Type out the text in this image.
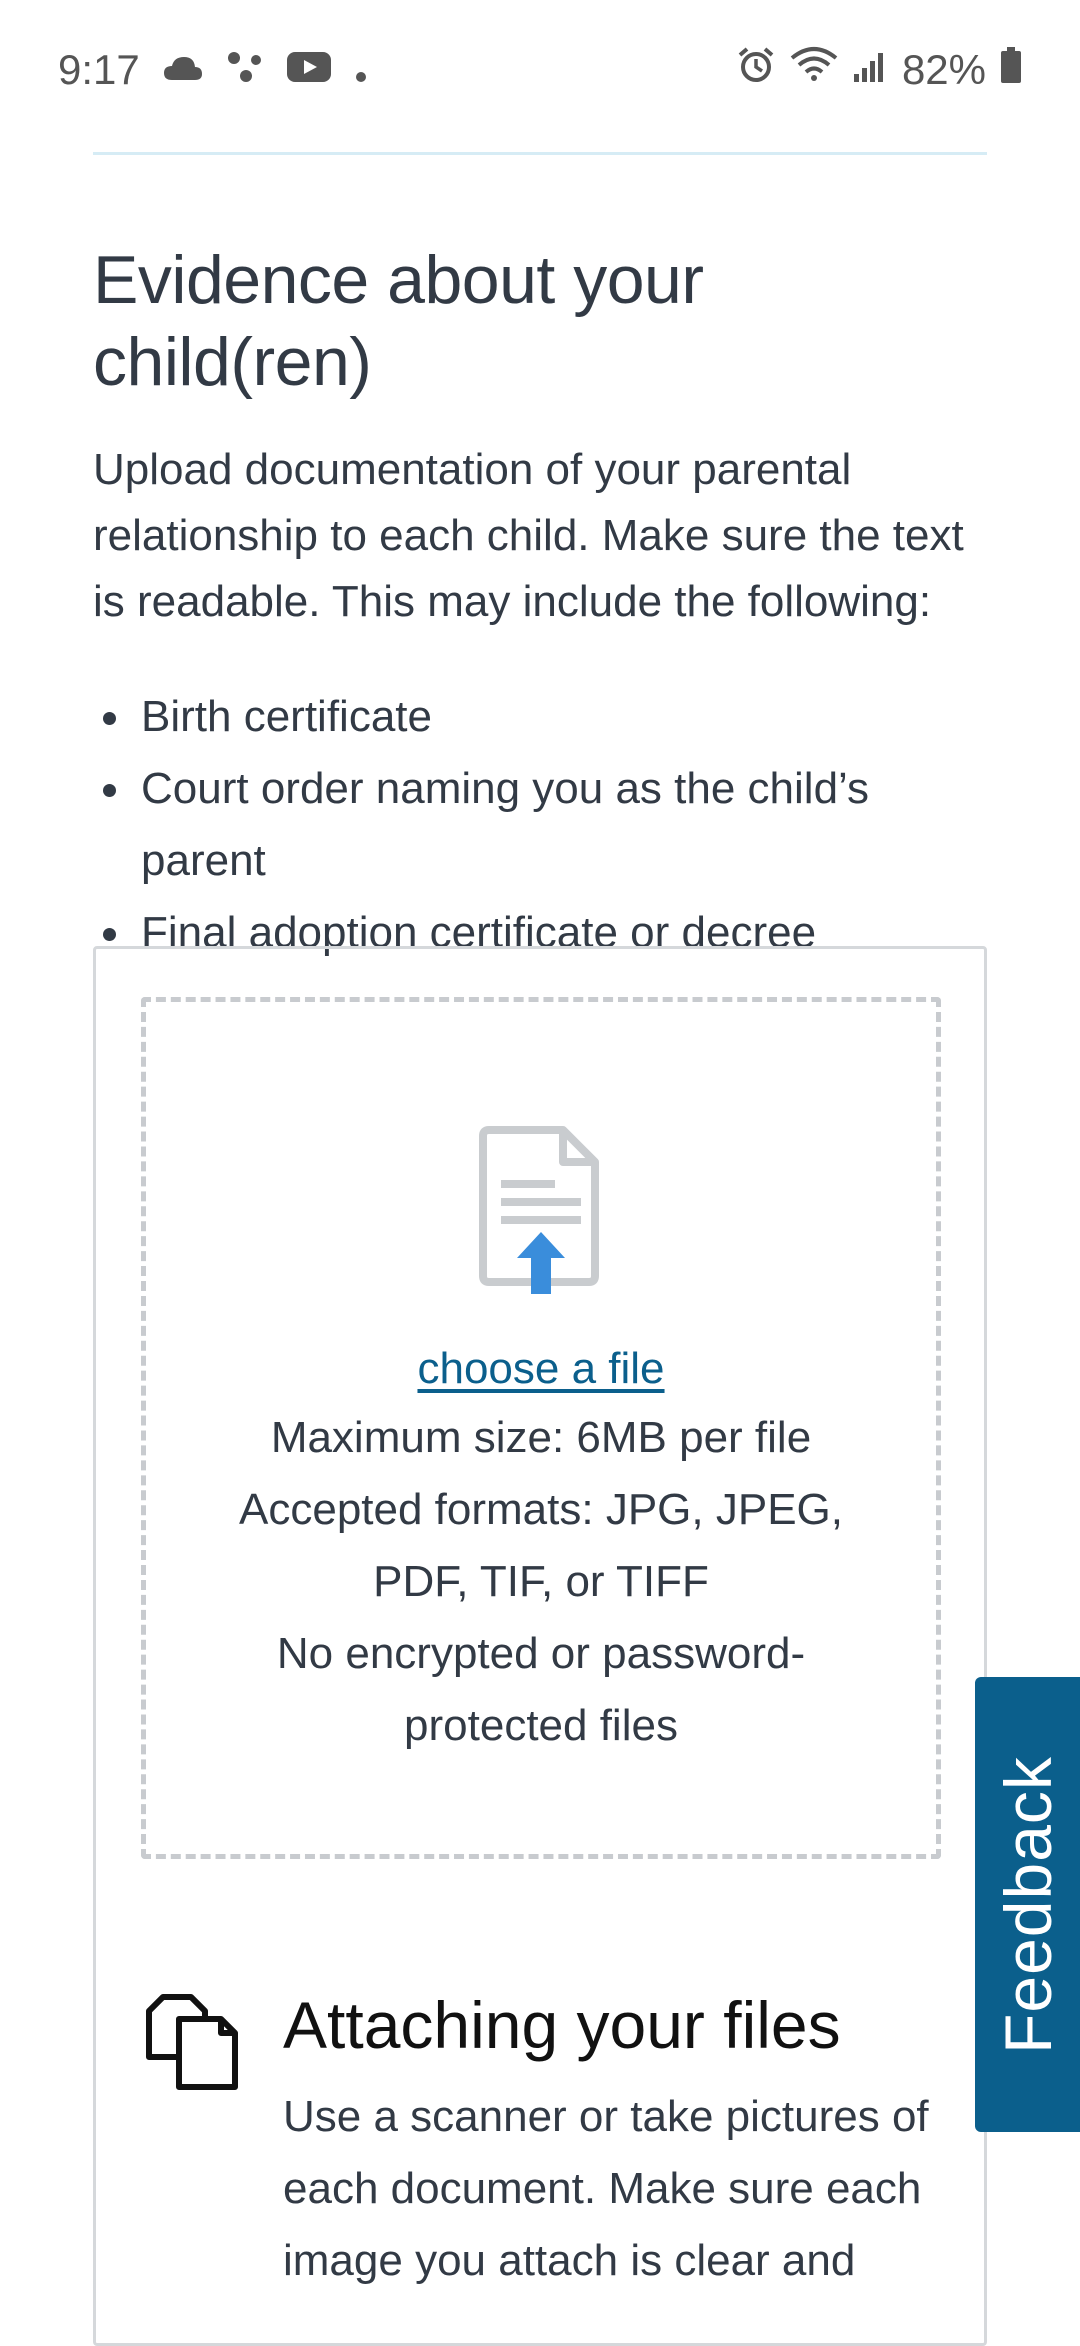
9:17	82%
Evidence about your child(ren)

Upload documentation of your parental relationship to each child. Make sure the text is readable. This may include the following:

Birth certificate
Court order naming you as the child’s parent
Final adoption certificate or decree
choose a file
Maximum size: 6MB per file
Accepted formats: JPG, JPEG, PDF, TIF, or TIFF
No encrypted or password-protected files
Attaching your files

Use a scanner or take pictures of each document. Make sure each image you attach is clear and

Feedback
